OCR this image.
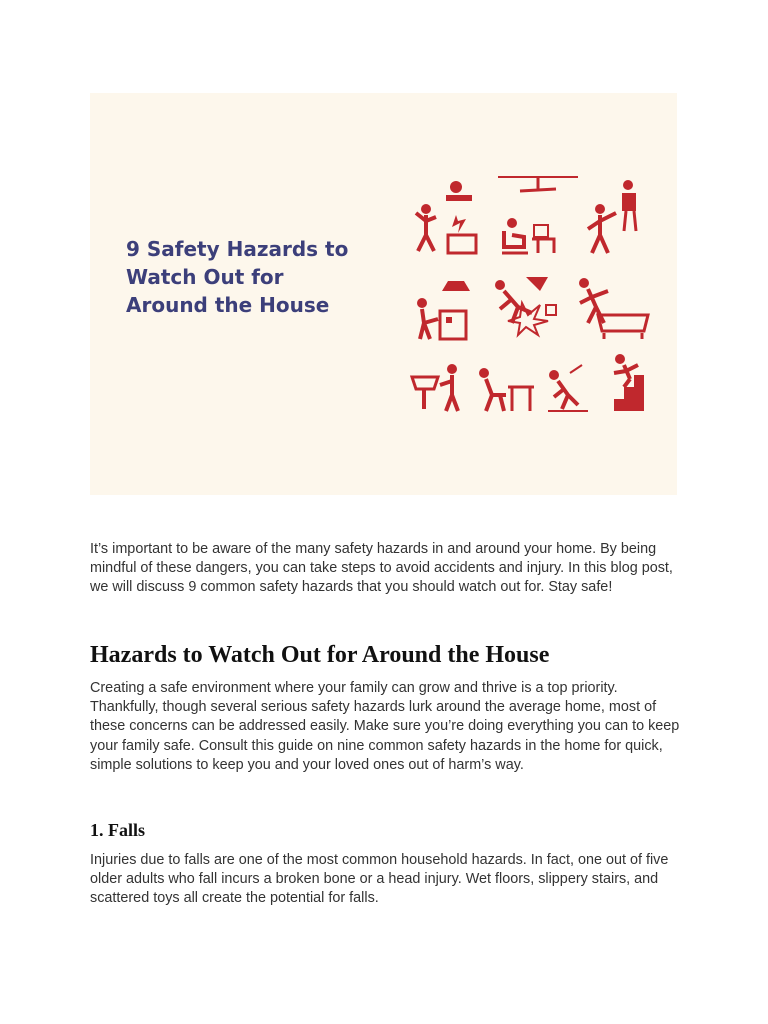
9 Safety Hazards to Watch Out for Around the House

It’s important to be aware of the many safety hazards in and around your home. By being mindful of these dangers, you can take steps to avoid accidents and injury. In this blog post, we will discuss 9 common safety hazards that you should watch out for. Stay safe!

Hazards to Watch Out for Around the House

Creating a safe environment where your family can grow and thrive is a top priority. Thankfully, though several serious safety hazards lurk around the average home, most of these concerns can be addressed easily. Make sure you’re doing everything you can to keep your family safe. Consult this guide on nine common safety hazards in the home for quick, simple solutions to keep you and your loved ones out of harm’s way.

1. Falls

Injuries due to falls are one of the most common household hazards. In fact, one out of five older adults who fall incurs a broken bone or a head injury. Wet floors, slippery stairs, and scattered toys all create the potential for falls.
